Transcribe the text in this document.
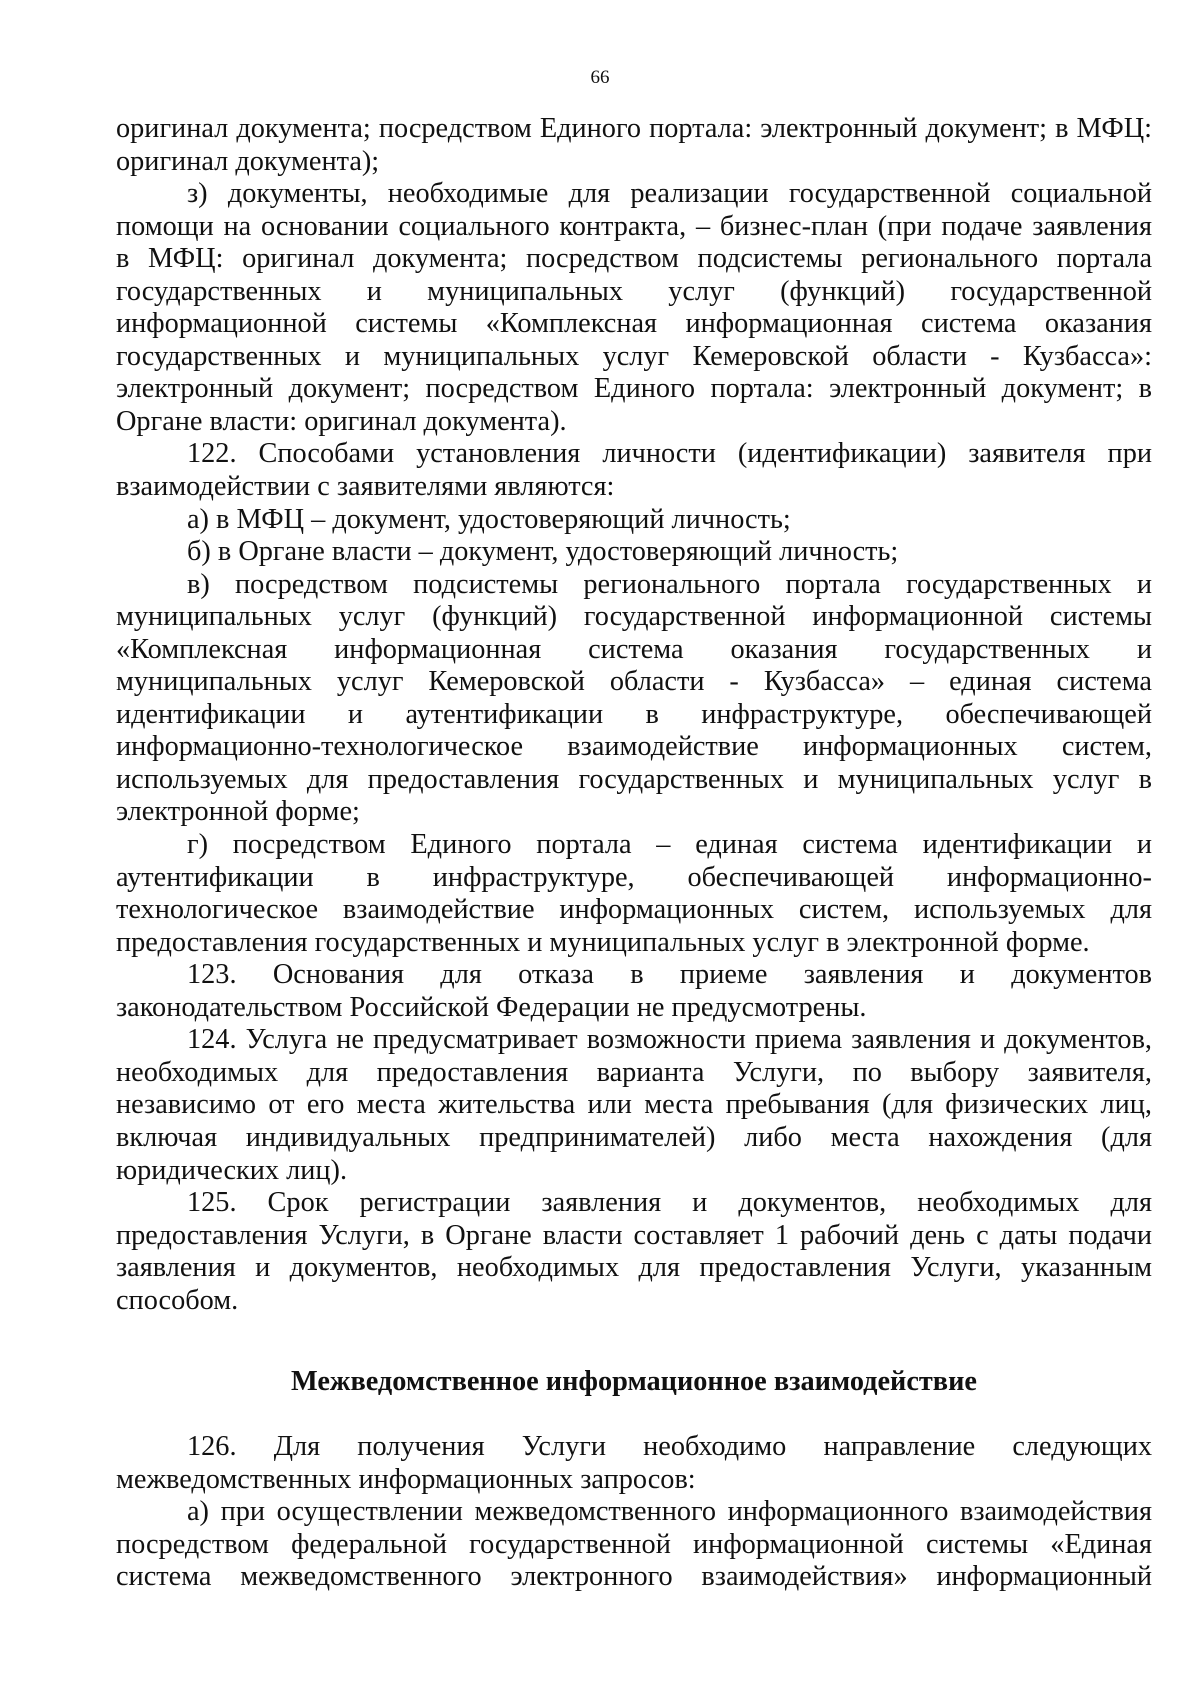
66
оригинал документа; посредством Единого портала: электронный документ; в МФЦ:
оригинал документа);
з) документы, необходимые для реализации государственной социальной
помощи на основании социального контракта, – бизнес-план (при подаче заявления
в МФЦ: оригинал документа; посредством подсистемы регионального портала
государственных и муниципальных услуг (функций) государственной
информационной системы «Комплексная информационная система оказания
государственных и муниципальных услуг Кемеровской области - Кузбасса»:
электронный документ; посредством Единого портала: электронный документ; в
Органе власти: оригинал документа).
122. Способами установления личности (идентификации) заявителя при
взаимодействии с заявителями являются:
а) в МФЦ – документ, удостоверяющий личность;
б) в Органе власти – документ, удостоверяющий личность;
в) посредством подсистемы регионального портала государственных и
муниципальных услуг (функций) государственной информационной системы
«Комплексная информационная система оказания государственных и
муниципальных услуг Кемеровской области - Кузбасса» – единая система
идентификации и аутентификации в инфраструктуре, обеспечивающей
информационно-технологическое взаимодействие информационных систем,
используемых для предоставления государственных и муниципальных услуг в
электронной форме;
г) посредством Единого портала – единая система идентификации и
аутентификации в инфраструктуре, обеспечивающей информационно-
технологическое взаимодействие информационных систем, используемых для
предоставления государственных и муниципальных услуг в электронной форме.
123. Основания для отказа в приеме заявления и документов
законодательством Российской Федерации не предусмотрены.
124. Услуга не предусматривает возможности приема заявления и документов,
необходимых для предоставления варианта Услуги, по выбору заявителя,
независимо от его места жительства или места пребывания (для физических лиц,
включая индивидуальных предпринимателей) либо места нахождения (для
юридических лиц).
125. Срок регистрации заявления и документов, необходимых для
предоставления Услуги, в Органе власти составляет 1 рабочий день с даты подачи
заявления и документов, необходимых для предоставления Услуги, указанным
способом.
Межведомственное информационное взаимодействие
126. Для получения Услуги необходимо направление следующих
межведомственных информационных запросов:
а) при осуществлении межведомственного информационного взаимодействия
посредством федеральной государственной информационной системы «Единая
система межведомственного электронного взаимодействия» информационный
